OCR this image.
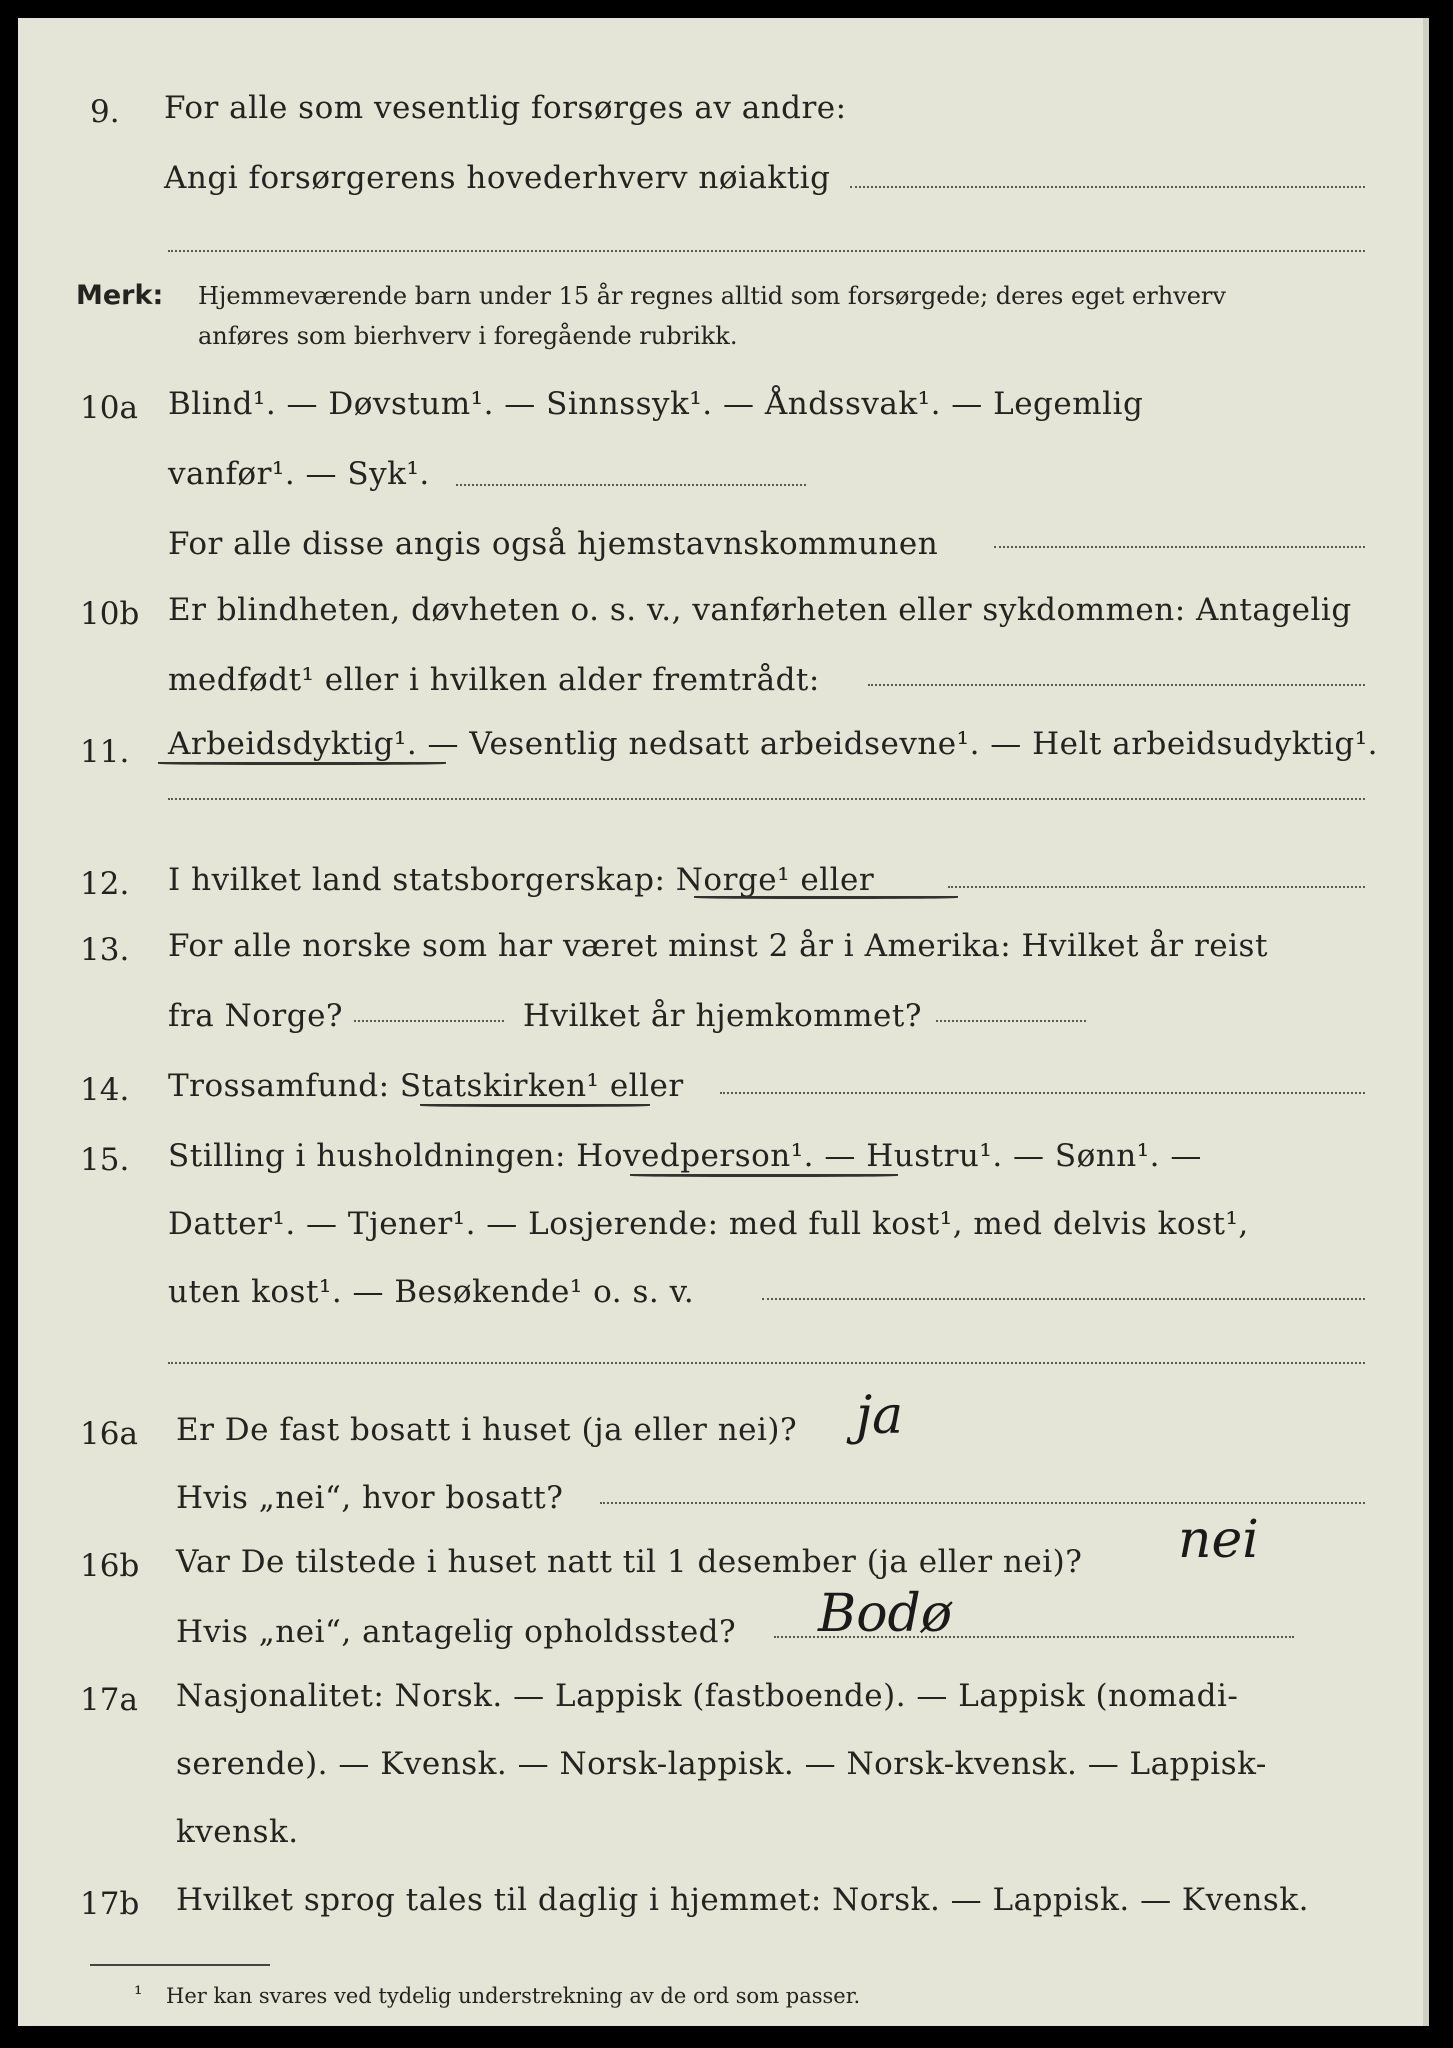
9. For alle som vesentlig forsørges av andre:
Angi forsørgerens hovederhverv nøiaktig
Merk: Hjemmeværende barn under 15 år regnes alltid som forsørgede; deres eget erhverv
anføres som bierhverv i foregående rubrikk.
10a Blind¹. — Døvstum¹. — Sinnssyk¹. — Åndssvak¹. — Legemlig
vanfør¹. — Syk¹.
For alle disse angis også hjemstavnskommunen
10b Er blindheten, døvheten o. s. v., vanførheten eller sykdommen: Antagelig
medfødt¹ eller i hvilken alder fremtrådt:
11. Arbeidsdyktig¹. — Vesentlig nedsatt arbeidsevne¹. — Helt arbeidsudyktig¹.
12. I hvilket land statsborgerskap: Norge¹ eller
13. For alle norske som har været minst 2 år i Amerika: Hvilket år reist
fra Norge?	Hvilket år hjemkommet?
14. Trossamfund: Statskirken¹ eller
15. Stilling i husholdningen: Hovedperson¹. — Hustru¹. — Sønn¹. —
Datter¹. — Tjener¹. — Losjerende: med full kost¹, med delvis kost¹,
uten kost¹. — Besøkende¹ o. s. v.
16a Er De fast bosatt i huset (ja eller nei)? ja
Hvis „nei“, hvor bosatt?
16b Var De tilstede i huset natt til 1 desember (ja eller nei)? nei
Hvis „nei“, antagelig opholdssted? Bodø
17a Nasjonalitet: Norsk. — Lappisk (fastboende). — Lappisk (nomadi-
serende). — Kvensk. — Norsk-lappisk. — Norsk-kvensk. — Lappisk-
kvensk.
17b Hvilket sprog tales til daglig i hjemmet: Norsk. — Lappisk. — Kvensk.
¹ Her kan svares ved tydelig understrekning av de ord som passer.
